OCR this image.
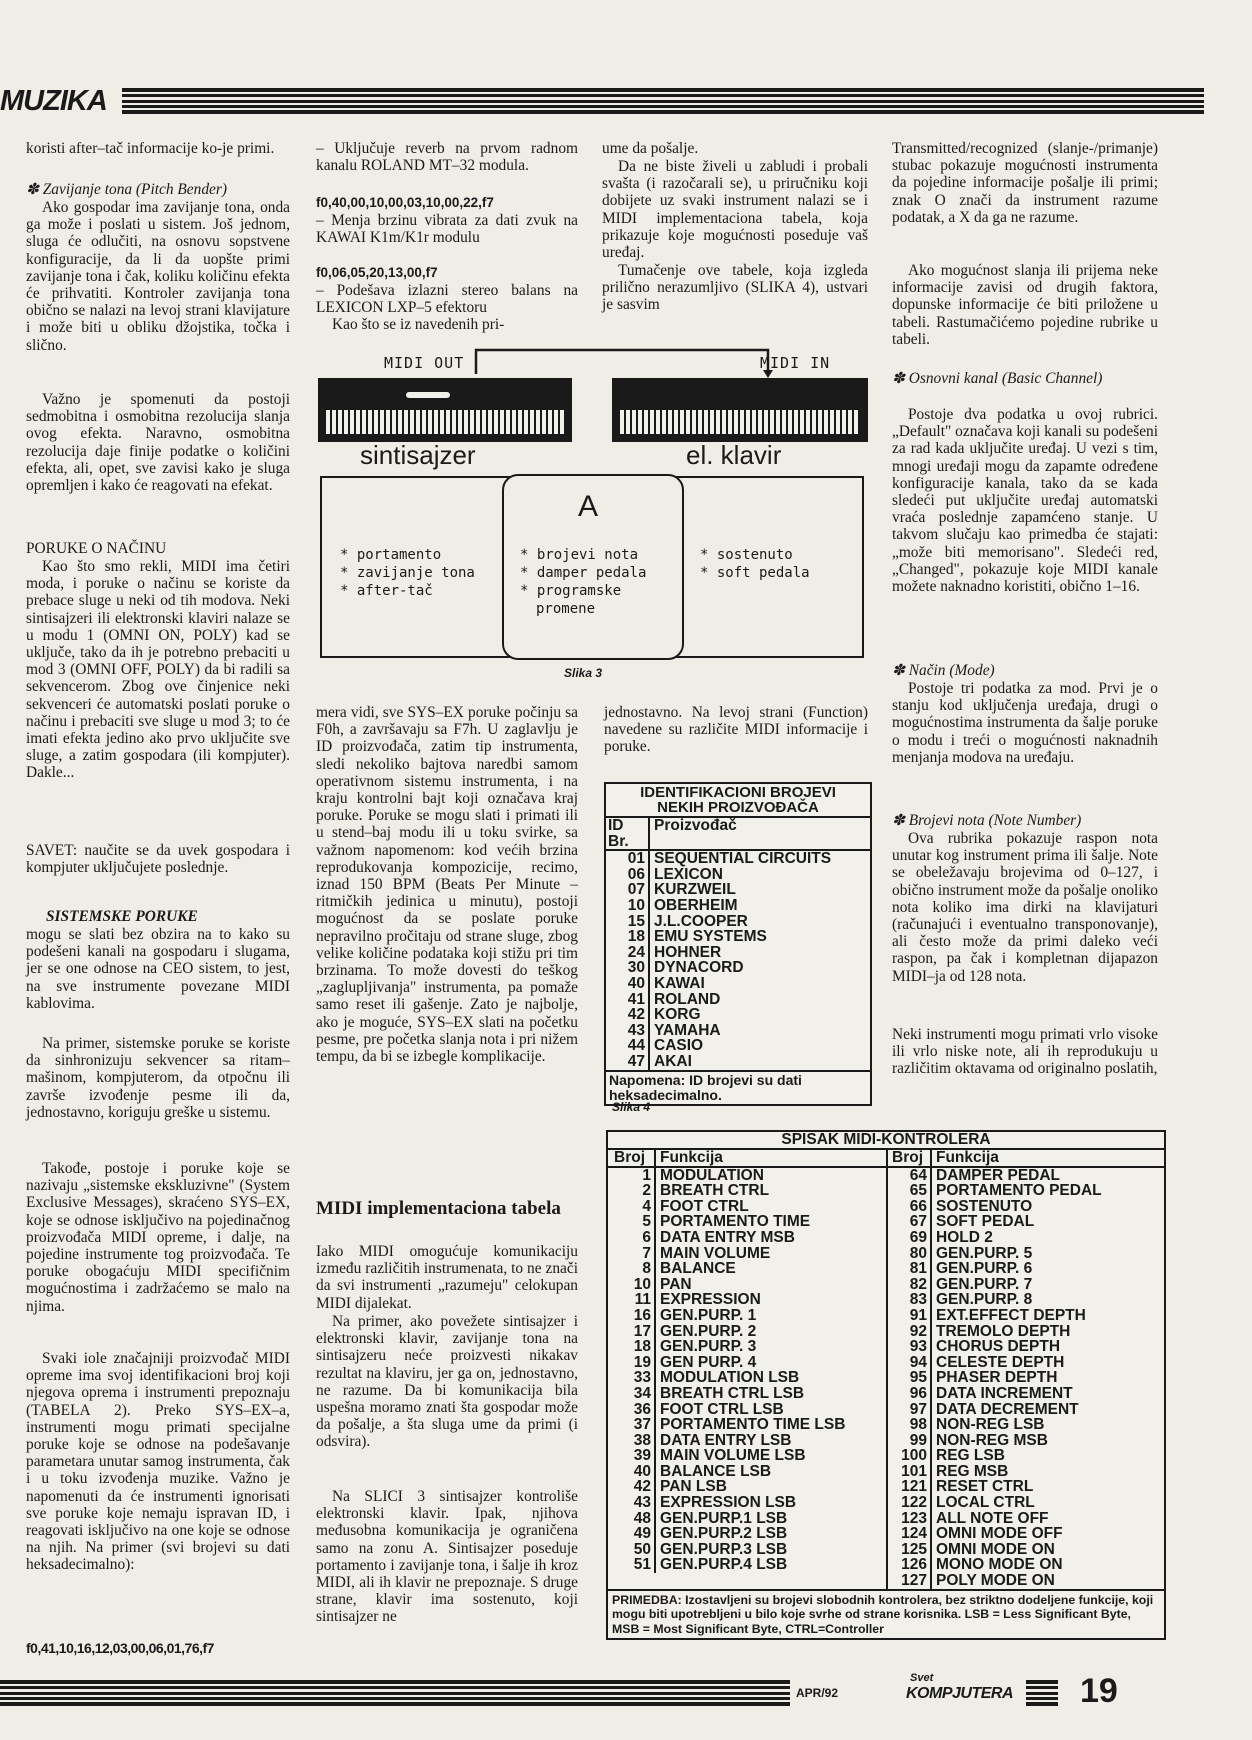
MUZIKA

koristi after–tač informacije ko-je primi.

✽ Zavijanje tona (Pitch Bender)

Ako gospodar ima zavijanje tona, onda ga može i poslati u sistem. Još jednom, sluga će odlučiti, na osnovu sopstvene konfiguracije, da li da uopšte primi zavijanje tona i čak, koliku količinu efekta će prihvatiti. Kontroler zavijanja tona obično se nalazi na levoj strani klavijature i može biti u obliku džojstika, točka i slično.

Važno je spomenuti da postoji sedmobitna i osmobitna rezolucija slanja ovog efekta. Naravno, osmobitna rezolucija daje finije podatke o količini efekta, ali, opet, sve zavisi kako je sluga opremljen i kako će reagovati na efekat.

PORUKE O NAČINU

Kao što smo rekli, MIDI ima četiri moda, i poruke o načinu se koriste da prebace sluge u neki od tih modova. Neki sintisajzeri ili elektronski klaviri nalaze se u modu 1 (OMNI ON, POLY) kad se uključe, tako da ih je potrebno prebaciti u mod 3 (OMNI OFF, POLY) da bi radili sa sekvencerom. Zbog ove činjenice neki sekvenceri će automatski poslati poruke o načinu i prebaciti svе sluge u mod 3; to će imati efekta jedino ako prvo uključite sve sluge, a zatim gospodara (ili kompjuter). Dakle...

SAVET: naučite se da uvek gospodara i kompjuter uključujete poslednje.

SISTEMSKE PORUKE

mogu se slati bez obzira na to kako su podešeni kanali na gospodaru i slugama, jer se one odnose na CEO sistem, to jest, na sve instrumente povezane MIDI kablovima.

Na primer, sistemske poruke se koriste da sinhronizuju sekvencer sa ritam–mašinom, kompjuterom, da otpočnu ili završe izvođenje pesme ili da, jednostavno, koriguju greške u sistemu.

Takođe, postoje i poruke koje se nazivaju „sistemske ekskluzivne" (System Exclusive Messages), skraćeno SYS–EX, koje se odnose isključivo na pojedinačnog proizvođača MIDI opreme, i dalje, na pojedine instrumente tog proizvođača. Te poruke obogaćuju MIDI specifičnim mogućnostima i zadržaćemo se malo na njima.

Svaki iole značajniji proizvođač MIDI opreme ima svoj identifikacioni broj koji njegova oprema i instrumenti prepoznaju (TABELA 2). Preko SYS–EX–a, instrumenti mogu primati specijalne poruke koje se odnose na podešavanje parametara unutar samog instrumenta, čak i u toku izvođenja muzike. Važno je napomenuti da će instrumenti ignorisati sve poruke koje nemaju ispravan ID, i reagovati isključivo na one koje se odnose na njih. Na primer (svi brojevi su dati heksadecimalno):

f0,41,10,16,12,03,00,06,01,76,f7

– Uključuje reverb na prvom radnom kanalu ROLAND MT–32 modula.

f0,40,00,10,00,03,10,00,22,f7

– Menja brzinu vibrata za dati zvuk na KAWAI K1m/K1r modulu

f0,06,05,20,13,00,f7

– Podešava izlazni stereo balans na LEXICON LXP–5 efektoru

Kao što se iz navedenih pri-

ume da pošalje.

Da ne biste živeli u zabludi i probali svašta (i razočarali se), u priručniku koji dobijete uz svaki instrument nalazi se i MIDI implementaciona tabela, koja prikazuje koje mogućnosti poseduje vaš uređaj.

Tumačenje ove tabele, koja izgleda prilično nerazumljivo (SLIKA 4), ustvari je sasvim

Transmitted/recognized (slanje-/primanje) stubac pokazuje mogućnosti instrumenta da pojedine informacije pošalje ili primi; znak O znači da instrument razume podatak, a X da ga ne razume.

Ako mogućnost slanja ili prijema neke informacije zavisi od drugih faktora, dopunske informacije će biti priložene u tabeli. Rastumačićemo pojedine rubrike u tabeli.

✽ Osnovni kanal (Basic Channel)

Postoje dva podatka u ovoj rubrici. „Default" označava koji kanali su podešeni za rad kada uključite uređaj. U vezi s tim, mnogi uređaji mogu da zapamte određene konfiguracije kanala, tako da se kada sledeći put uključite uređaj automatski vraća poslednje zapamćeno stanje. U takvom slučaju kao primedba će stajati: „može biti memorisano". Sledeći red, „Changed", pokazuje koje MIDI kanale možete naknadno koristiti, obično 1–16.

✽ Način (Mode)

Postoje tri podatka za mod. Prvi je o stanju kod uključenja uređaja, drugi o mogućnostima instrumenta da šalje poruke o modu i treći o mogućnosti naknadnih menjanja modova na uređaju.

✽ Brojevi nota (Note Number)

Ova rubrika pokazuje raspon nota unutar kog instrument prima ili šalje. Note se obeležavaju brojevima od 0–127, i obično instrument može da pošalje onoliko nota koliko ima dirki na klavijaturi (računajući i eventualno transponovanje), ali često može da primi daleko veći raspon, pa čak i kompletnan dijapazon MIDI–ja od 128 nota.

Neki instrumenti mogu primati vrlo visoke ili vrlo niske note, ali ih reprodukuju u različitim oktavama od originalno poslatih,

MIDI OUT	MIDI IN
sintisajzer	el. klavir
A
* portamento
* zavijanje tona
* after-tač
* brojevi nota
* damper pedala
* programske
promene
* sostenuto
* soft pedala
Slika 3

mera vidi, sve SYS–EX poruke počinju sa F0h, a završavaju sa F7h. U zaglavlju je ID proizvođača, zatim tip instrumenta, sledi nekoliko bajtova naredbi samom operativnom sistemu instrumenta, i na kraju kontrolni bajt koji označava kraj poruke. Poruke se mogu slati i primati ili u stend–baj modu ili u toku svirke, sa važnom napomenom: kod većih brzina reprodukovanja kompozicije, recimo, iznad 150 BPM (Beats Per Minute – ritmičkih jedinica u minutu), postoji mogućnost da se poslate poruke nepravilno pročitaju od strane sluge, zbog velike količine podataka koji stižu pri tim brzinama. To može dovesti do teškog „zaglupljivanja" instrumenta, pa pomaže samo reset ili gašenje. Zato je najbolje, ako je moguće, SYS–EX slati na početku pesme, pre početka slanja nota i pri nižem tempu, da bi se izbegle komplikacije.

MIDI implementaciona tabela

Iako MIDI omogućuje komunikaciju između različitih instrumenata, to ne znači da svi instrumenti „razumeju" celokupan MIDI dijalekat.

Na primer, ako povežete sintisajzer i elektronski klavir, zavijanje tona na sintisajzeru neće proizvesti nikakav rezultat na klaviru, jer ga on, jednostavno, ne razume. Da bi komunikacija bila uspešna moramo znati šta gospodar može da pošalje, a šta sluga ume da primi (i odsvira).

Na SLICI 3 sintisajzer kontroliše elektronski klavir. Ipak, njihova međusobna komunikacija je ograničena samo na zonu A. Sintisajzer poseduje portamento i zavijanje tona, i šalje ih kroz MIDI, ali ih klavir ne prepoznaje. S druge strane, klavir ima sostenuto, koji sintisajzer ne

jednostavno. Na levoj strani (Function) navedene su različite MIDI informacije i poruke.

IDENTIFIKACIONI BROJEVI
NEKIH PROIZVOĐAČA
ID Br.
Proizvođač
01 SEQUENTIAL CIRCUITS
06 LEXICON
07 KURZWEIL
10 OBERHEIM
15 J.L.COOPER
18 EMU SYSTEMS
24 HOHNER
30 DYNACORD
40 KAWAI
41 ROLAND
42 KORG
43 YAMAHA
44 CASIO
47 AKAI
Napomena: ID brojevi su dati heksadecimalno.
Slika 4
SPISAK MIDI-KONTROLERA
Broj Funkcija
1 MODULATION
2 BREATH CTRL
4 FOOT CTRL
5 PORTAMENTO TIME
6 DATA ENTRY MSB
7 MAIN VOLUME
8 BALANCE
10 PAN
11 EXPRESSION
16 GEN.PURP. 1
17 GEN.PURP. 2
18 GEN.PURP. 3
19 GEN PURP. 4
33 MODULATION LSB
34 BREATH CTRL LSB
36 FOOT CTRL LSB
37 PORTAMENTO TIME LSB
38 DATA ENTRY LSB
39 MAIN VOLUME LSB
40 BALANCE LSB
42 PAN LSB
43 EXPRESSION LSB
48 GEN.PURP.1 LSB
49 GEN.PURP.2 LSB
50 GEN.PURP.3 LSB
51 GEN.PURP.4 LSB
Broj Funkcija
64 DAMPER PEDAL
65 PORTAMENTO PEDAL
66 SOSTENUTO
67 SOFT PEDAL
69 HOLD 2
80 GEN.PURP. 5
81 GEN.PURP. 6
82 GEN.PURP. 7
83 GEN.PURP. 8
91 EXT.EFFECT DEPTH
92 TREMOLO DEPTH
93 CHORUS DEPTH
94 CELESTE DEPTH
95 PHASER DEPTH
96 DATA INCREMENT
97 DATA DECREMENT
98 NON-REG LSB
99 NON-REG MSB
100 REG LSB
101 REG MSB
121 RESET CTRL
122 LOCAL CTRL
123 ALL NOTE OFF
124 OMNI MODE OFF
125 OMNI MODE ON
126 MONO MODE ON
127 POLY MODE ON
PRIMEDBA: Izostavljeni su brojevi slobodnih kontrolera, bez striktno dodeljene funkcije, koji mogu biti upotrebljeni u bilo koje svrhe od strane korisnika. LSB = Less Significant Byte, MSB = Most Significant Byte, CTRL=Controller
APR/92
Svet
KOMPJUTERA 19
